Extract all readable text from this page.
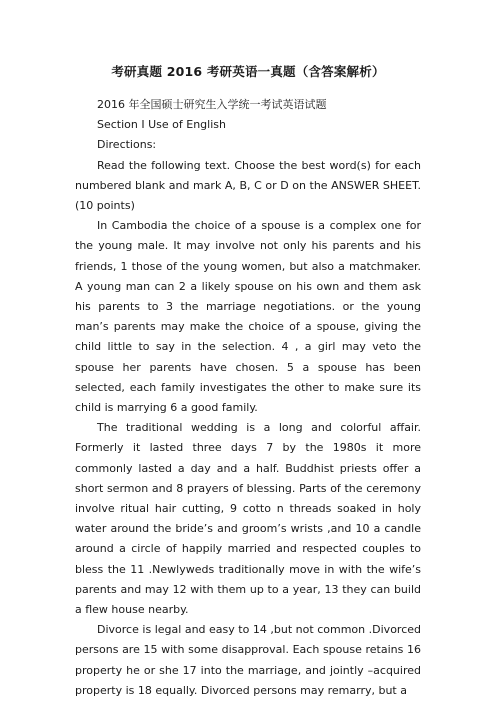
考研真题 2016 考研英语一真题（含答案解析）

2016 年全国硕士研究生入学统一考试英语试题

Section I Use of English

Directions:

Read the following text. Choose the best word(s) for each numbered blank and mark A, B, C or D on the ANSWER SHEET. (10 points)

In Cambodia the choice of a spouse is a complex one for the young male. It may involve not only his parents and his friends, 1 those of the young women, but also a matchmaker. A young man can 2 a likely spouse on his own and them ask his parents to 3 the marriage negotiations. or the young man’s parents may make the choice of a spouse, giving the child little to say in the selection. 4 , a girl may veto the spouse her parents have chosen. 5 a spouse has been selected, each family investigates the other to make sure its child is marrying 6 a good family.

The traditional wedding is a long and colorful affair. Formerly it lasted three days 7 by the 1980s it more commonly lasted a day and a half. Buddhist priests offer a short sermon and 8 prayers of blessing. Parts of the ceremony involve ritual hair cutting, 9 cotto n threads soaked in holy water around the bride’s and groom’s wrists ,and 10 a candle around a circle of happily married and respected couples to bless the 11 .Newlyweds traditionally move in with the wife’s parents and may 12 with them up to a year, 13 they can build a flew house nearby.

Divorce is legal and easy to 14 ,but not common .Divorced persons are 15 with some disapproval. Each spouse retains 16 property he or she 17 into the marriage, and jointly –acquired property is 18 equally. Divorced persons may remarry, but a
